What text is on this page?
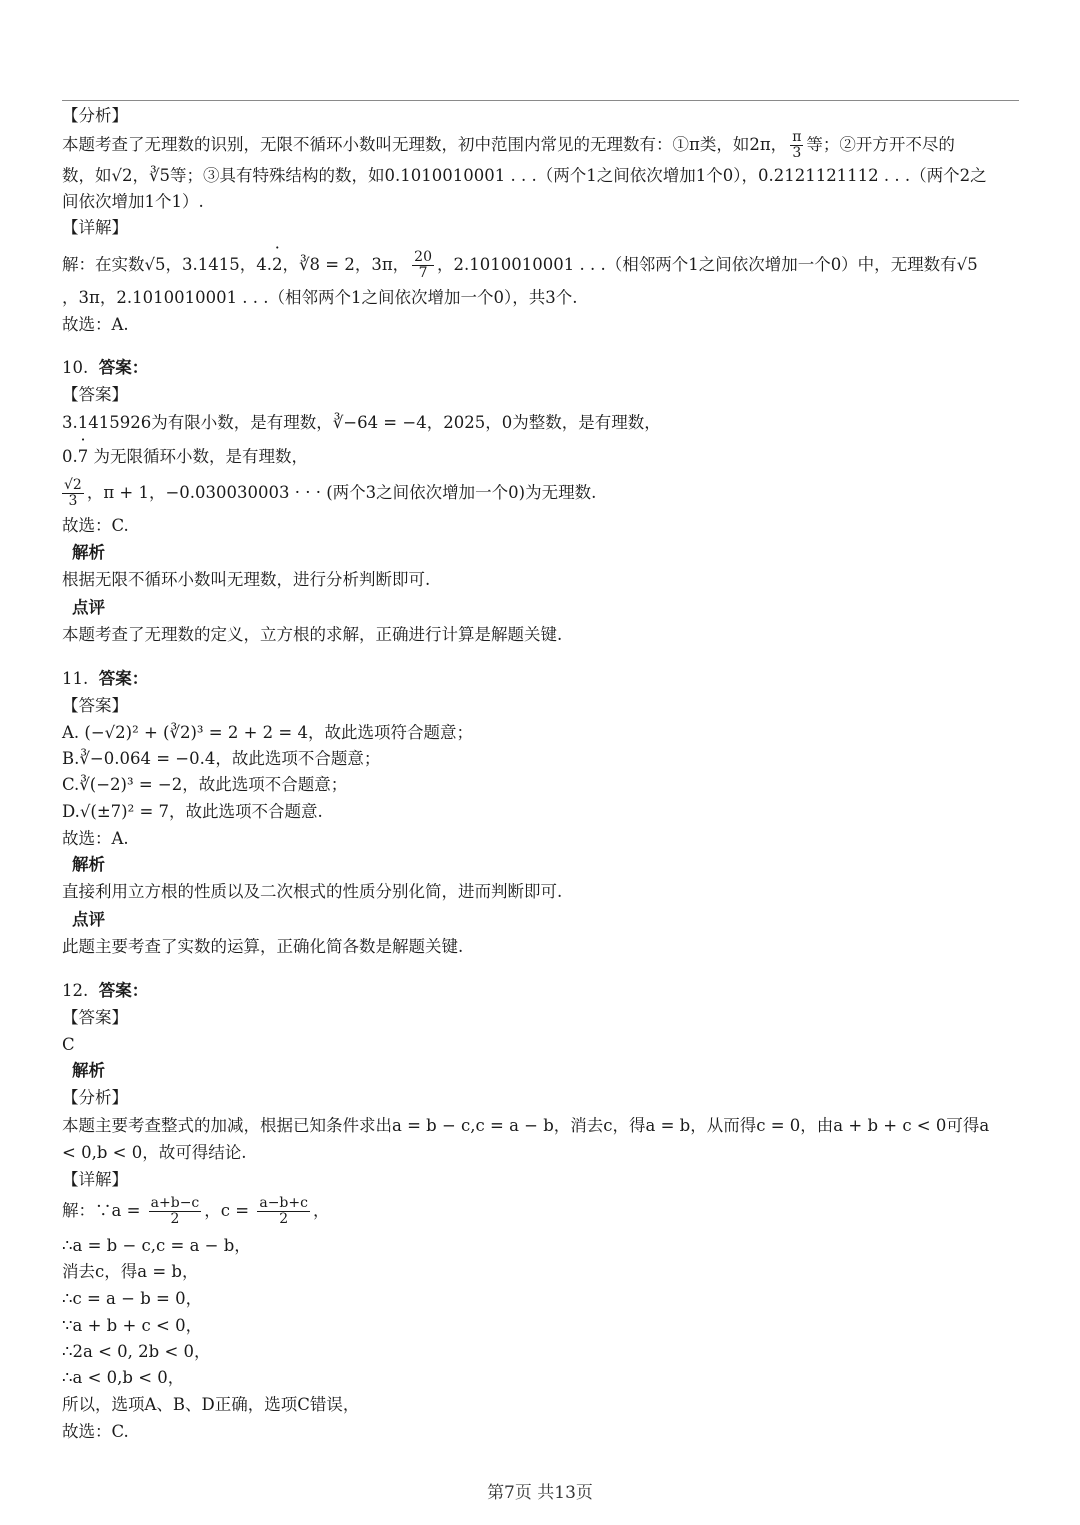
【分析】
本题考查了无理数的识别，无限不循环小数叫无理数，初中范围内常见的无理数有：①π类，如2π， $\frac{\pi}{3}$ 等；②开方开不尽的
数，如√2，∛5等；③具有特殊结构的数，如0.1010010001 . . .（两个1之间依次增加1个0），0.2121121112 . . .（两个2之
间依次增加1个1）.
【详解】
解：在实数√5，3.1415，4.· 2，∛8 = 2，3π， $\frac{20}{7}$ ，2.1010010001 . . .（相邻两个1之间依次增加一个0）中，无理数有√5
，3π，2.1010010001 . . .（相邻两个1之间依次增加一个0），共3个.
故选：A.
10. 答案：
【答案】
3.1415926为有限小数，是有理数，∛−64 = −4，2025，0为整数，是有理数，
0.· 7 为无限循环小数，是有理数，
$\frac{√2}{3}$ ，π + 1，−0.030030003 · · · (两个3之间依次增加一个0)为无理数.
故选：C.
解析
根据无限不循环小数叫无理数，进行分析判断即可.
点评
本题考查了无理数的定义，立方根的求解，正确进行计算是解题关键.
11. 答案：
【答案】
A. (−√2)² + (∛2)³ = 2 + 2 = 4，故此选项符合题意；
B.∛−0.064 = −0.4，故此选项不合题意；
C.∛(−2)³ = −2，故此选项不合题意；
D.√(±7)² = 7，故此选项不合题意.
故选：A.
解析
直接利用立方根的性质以及二次根式的性质分别化简，进而判断即可.
点评
此题主要考查了实数的运算，正确化简各数是解题关键.
12. 答案：
【答案】
C
解析
【分析】
本题主要考查整式的加减，根据已知条件求出a = b − c,c = a − b，消去c，得a = b，从而得c = 0，由a + b + c < 0可得a
< 0,b < 0，故可得结论.
【详解】
解：∵a = $\frac{a+b-c}{2}$ ，$c = \frac{a-b+c}{2}$ ，
∴a = b − c,c = a − b，
消去c，得a = b，
∴c = a − b = 0，
∵a + b + c < 0，
∴2a < 0, 2b < 0，
∴a < 0,b < 0，
所以，选项A、B、D正确，选项C错误，
故选：C.
第7页 共13页
